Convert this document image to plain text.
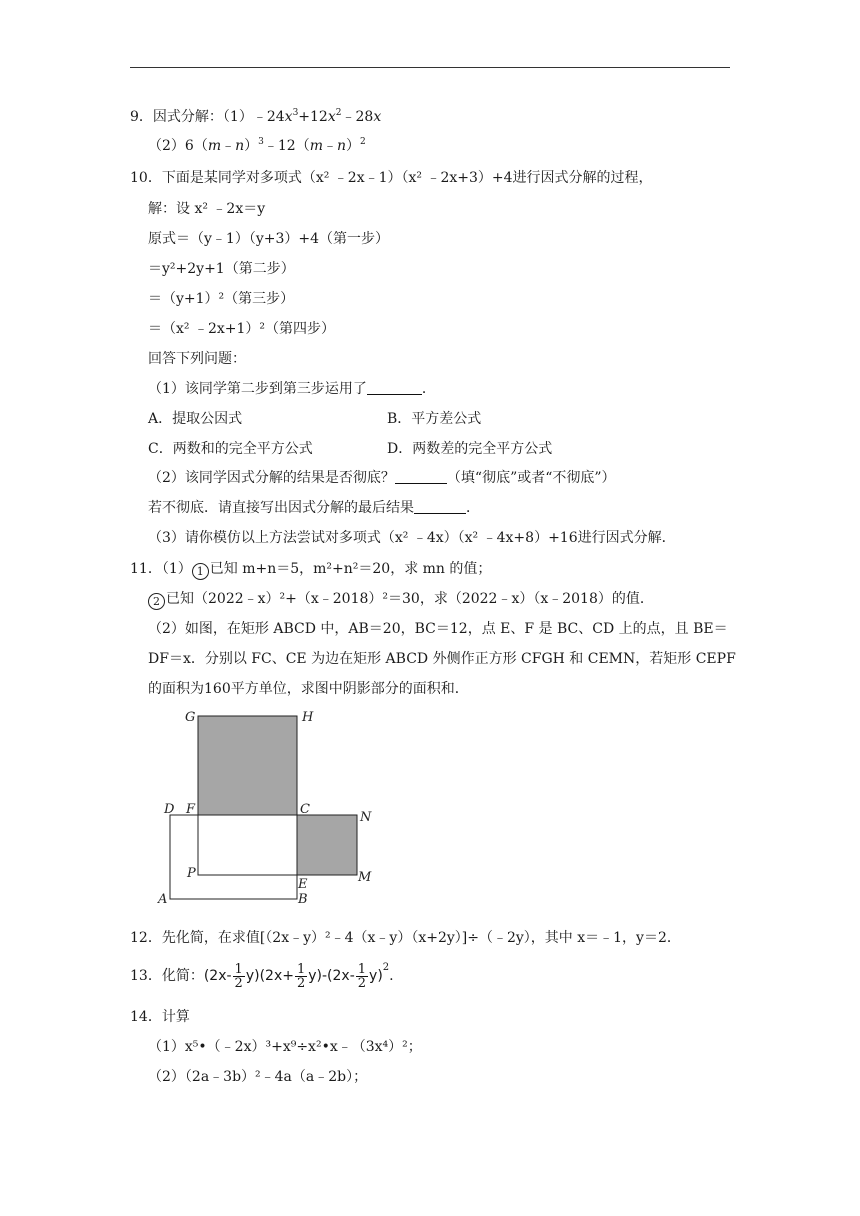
9．因式分解：$(1)﹣24x^3+12x^2﹣28x$
（2）6（m﹣n）$^3$﹣12（m﹣n）$^2$
10．下面是某同学对多项式（x² ﹣2x﹣1）（x² ﹣2x+3）+4进行因式分解的过程，
解：设 x² ﹣2x＝y
原式＝（y﹣1）（y+3）+4（第一步）
＝y²+2y+1（第二步）
＝（y+1）²（第三步）
＝（x² ﹣2x+1）²（第四步）
回答下列问题：
（1）该同学第二步到第三步运用了	．
A．提取公因式	B．平方差公式
C．两数和的完全平方公式	D．两数差的完全平方公式
（2）该同学因式分解的结果是否彻底？	（填“彻底”或者“不彻底”）
若不彻底．请直接写出因式分解的最后结果	．
（3）请你模仿以上方法尝试对多项式（x² ﹣4x）（x² ﹣4x+8）+16进行因式分解．
11．（1） 1 已知 m+n＝5，m²+n²＝20，求 mn 的值；
2 已知（2022﹣x）²+（x﹣2018）²＝30，求（2022﹣x）（x﹣2018）的值．
（2）如图，在矩形 ABCD 中，AB＝20，BC＝12，点 E、F 是 BC、CD 上的点，且 BE＝
DF＝x．分别以 FC、CE 为边在矩形 ABCD 外侧作正方形 CFGH 和 CEMN，若矩形 CEPF
的面积为160平方单位，求图中阴影部分的面积和．
G	H
D F	C
N
P
E	M
A	B
12．先化简，在求值[（2x﹣y）²﹣4（x﹣y）（x+2y）]÷（﹣2y），其中 x＝﹣1，y＝2．
13．化简：$(2x- \frac{1}{2} y)(2x+ \frac{1}{2} y)-(2x- \frac{1}{2} y)^2$.
14．计算
（1）x⁵•（﹣2x）³+x⁹÷x²•x﹣（3x⁴）²；
（2）（2a﹣3b）²﹣4a（a﹣2b）；
